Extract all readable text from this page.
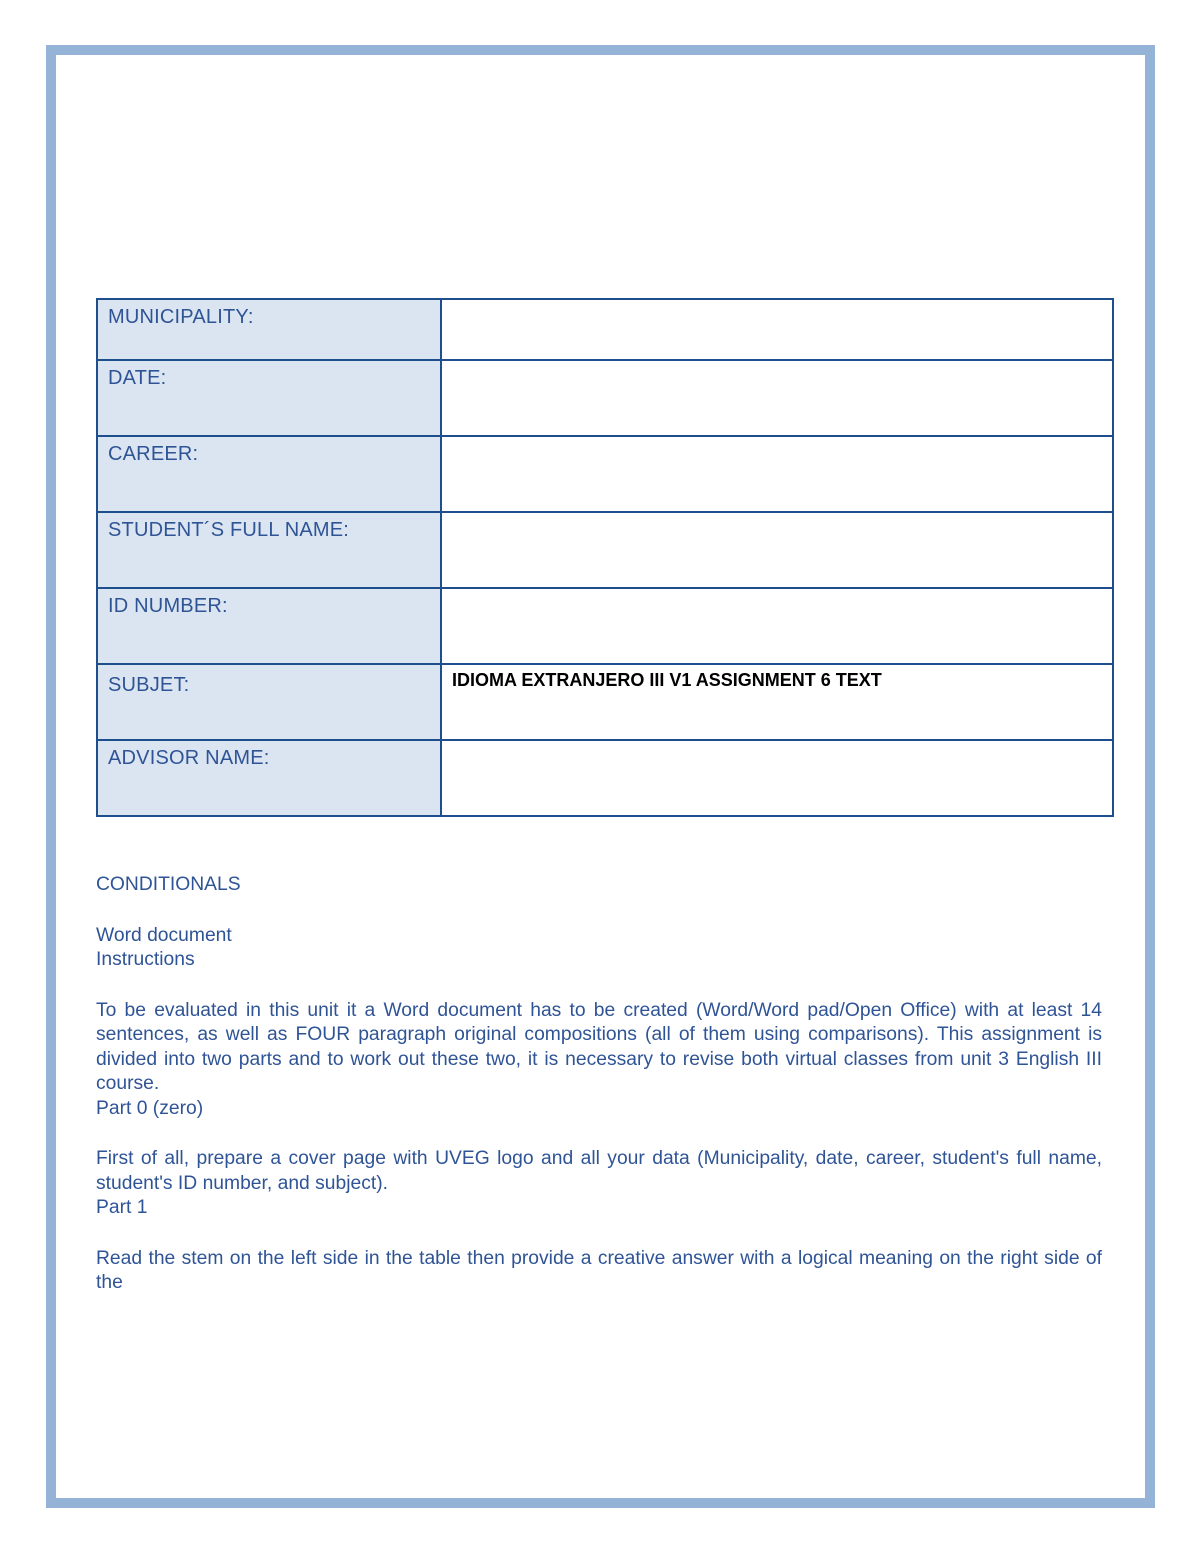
MUNICIPALITY:	
DATE:	
CAREER:	
STUDENT´S FULL NAME:	
ID NUMBER:	
SUBJET:	IDIOMA EXTRANJERO III V1 ASSIGNMENT 6 TEXT
ADVISOR NAME:	

CONDITIONALS

Word document

Instructions

To be evaluated in this unit it a Word document has to be created (Word/Word pad/Open Office) with at least 14 sentences, as well as FOUR paragraph original compositions (all of them using comparisons). This assignment is divided into two parts and to work out these two, it is necessary to revise both virtual classes from unit 3 English III course.

Part 0 (zero)

First of all, prepare a cover page with UVEG logo and all your data (Municipality, date, career, student's full name, student's ID number, and subject).

Part 1

Read the stem on the left side in the table then provide a creative answer with a logical meaning on the right side of the
